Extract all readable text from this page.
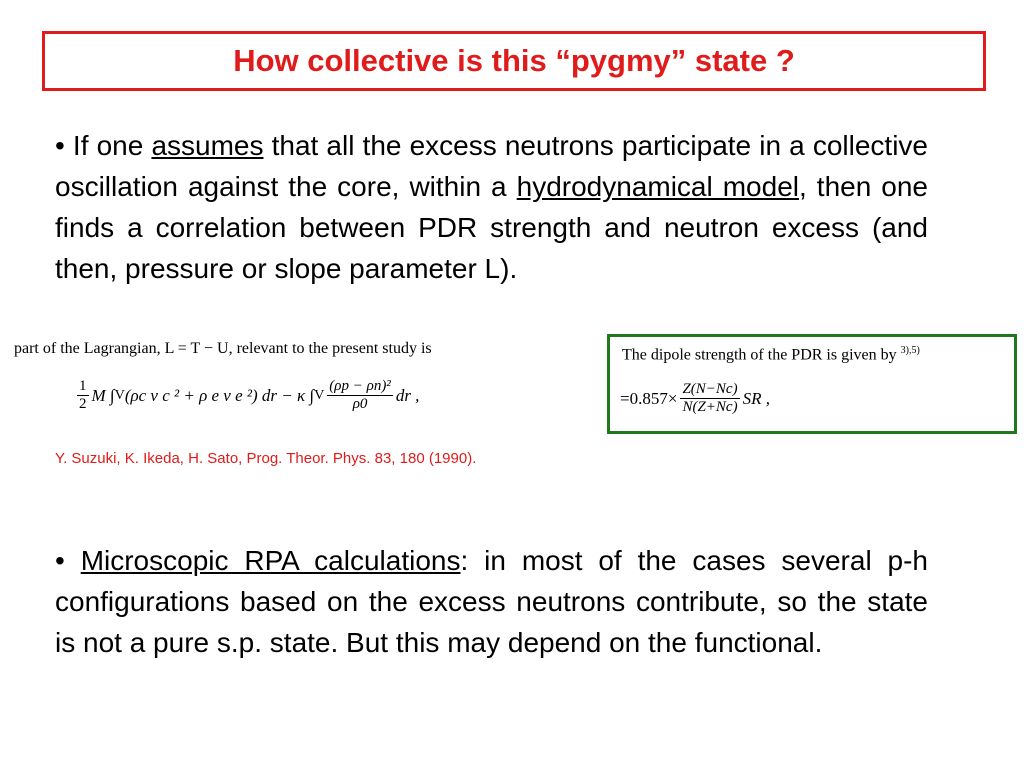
How collective is this “pygmy” state ?
• If one assumes that all the excess neutrons participate in a collective oscillation against the core, within a hydrodynamical model, then one finds a correlation between PDR strength and neutron excess (and then, pressure or slope parameter L).
part of the Lagrangian, L = T − U, relevant to the present study is
$\frac{1}{2}$ M ∫ V (ρ c v c ² + ρ e v e ²) dr − κ ∫ V $\frac{\text{(ρp − ρn)²}}{\rho 0}$ dr ,
Y. Suzuki, K. Ikeda, H. Sato, Prog. Theor. Phys. 83, 180 (1990).
The dipole strength of the PDR is given by $^{3),5)}$
$=0.857\times \frac{Z(N-Nc)}{N(Z+Nc)}$ SR ,
• Microscopic RPA calculations: in most of the cases several p-h configurations based on the excess neutrons contribute, so the state is not a pure s.p. state. But this may depend on the functional.
